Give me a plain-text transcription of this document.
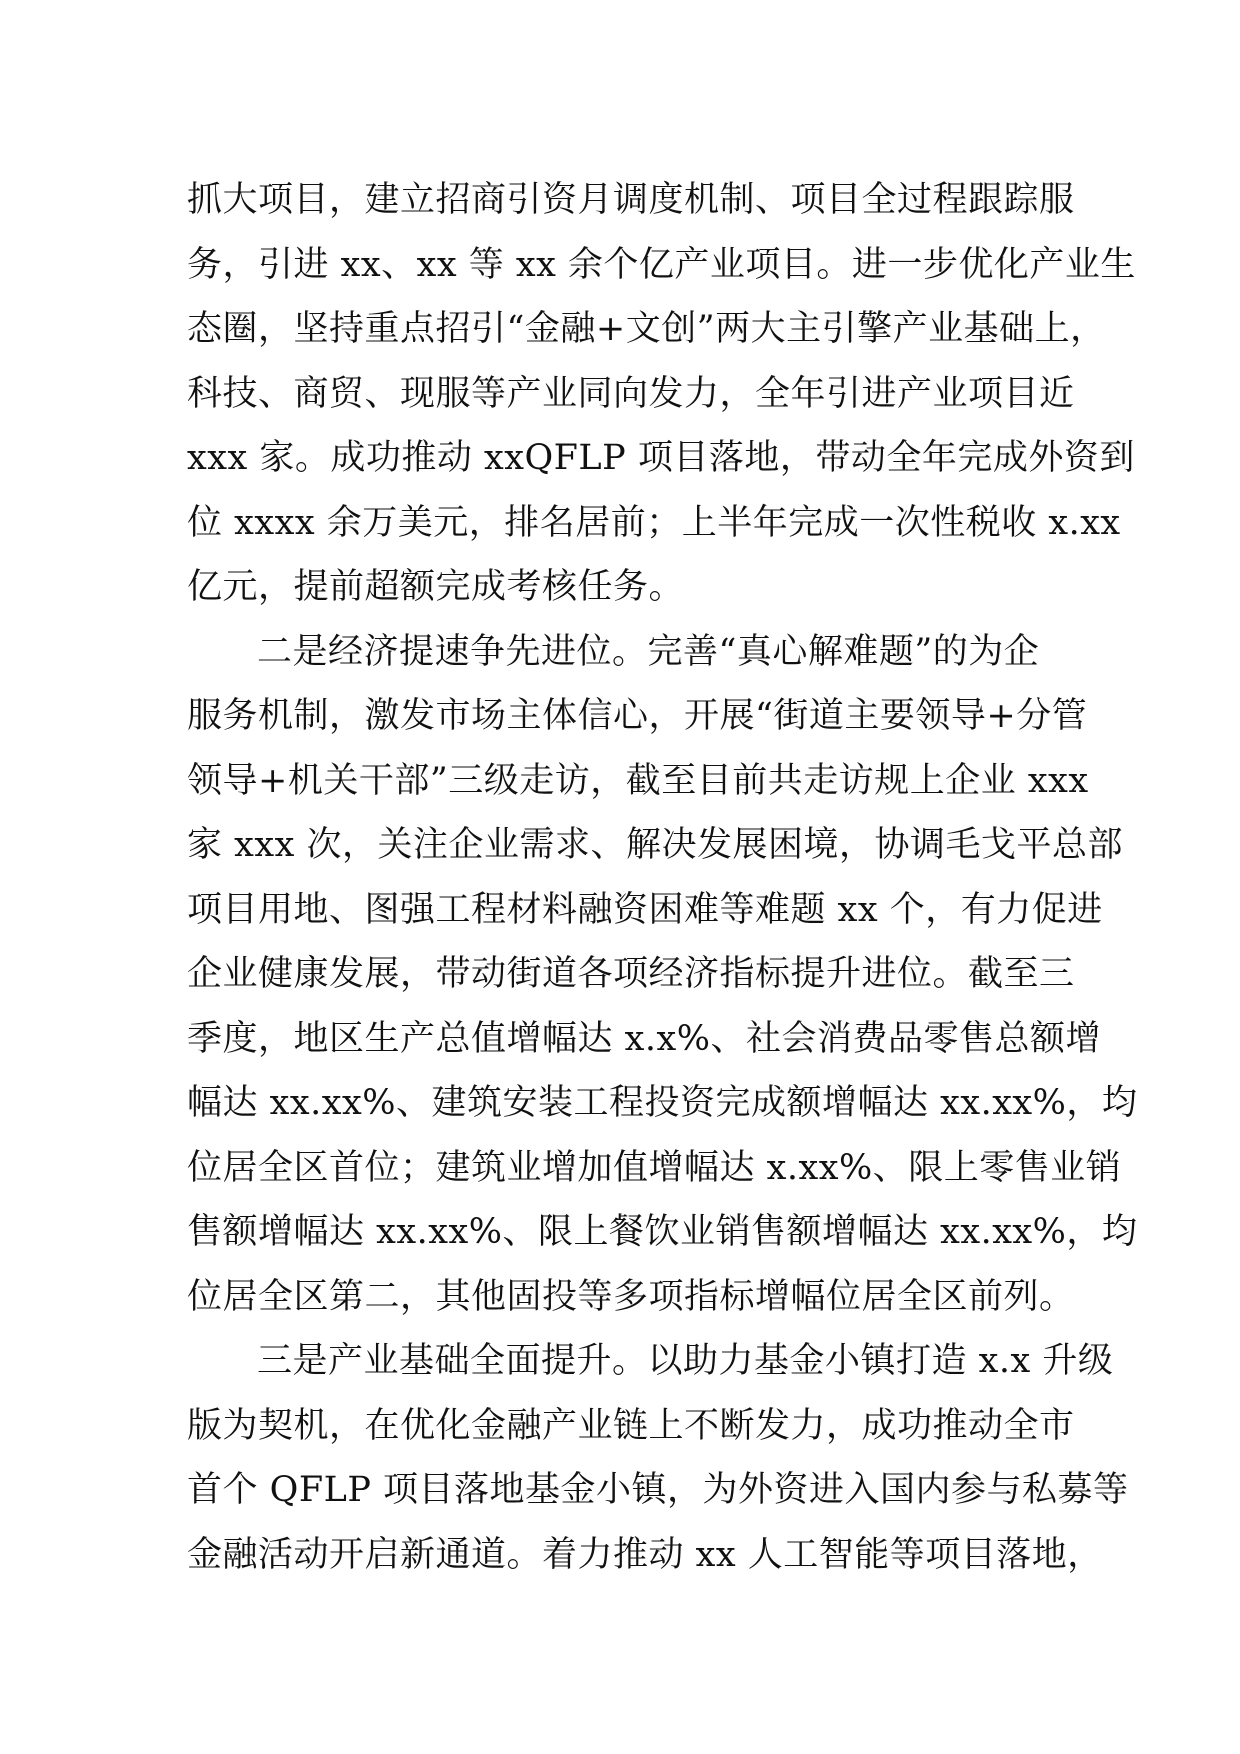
抓大项目，建立招商引资月调度机制、项目全过程跟踪服
务，引进 xx、xx 等 xx 余个亿产业项目。进一步优化产业生
态圈，坚持重点招引“金融+文创”两大主引擎产业基础上，
科技、商贸、现服等产业同向发力，全年引进产业项目近
xxx 家。成功推动 xxQFLP 项目落地，带动全年完成外资到
位 xxxx 余万美元，排名居前；上半年完成一次性税收 x.xx
亿元，提前超额完成考核任务。
二是经济提速争先进位。完善“真心解难题”的为企
服务机制，激发市场主体信心，开展“街道主要领导+分管
领导+机关干部”三级走访，截至目前共走访规上企业 xxx
家 xxx 次，关注企业需求、解决发展困境，协调毛戈平总部
项目用地、图强工程材料融资困难等难题 xx 个，有力促进
企业健康发展，带动街道各项经济指标提升进位。截至三
季度，地区生产总值增幅达 x.x%、社会消费品零售总额增
幅达 xx.xx%、建筑安装工程投资完成额增幅达 xx.xx%，均
位居全区首位；建筑业增加值增幅达 x.xx%、限上零售业销
售额增幅达 xx.xx%、限上餐饮业销售额增幅达 xx.xx%，均
位居全区第二，其他固投等多项指标增幅位居全区前列。
三是产业基础全面提升。以助力基金小镇打造 x.x 升级
版为契机，在优化金融产业链上不断发力，成功推动全市
首个 QFLP 项目落地基金小镇，为外资进入国内参与私募等
金融活动开启新通道。着力推动 xx 人工智能等项目落地，
